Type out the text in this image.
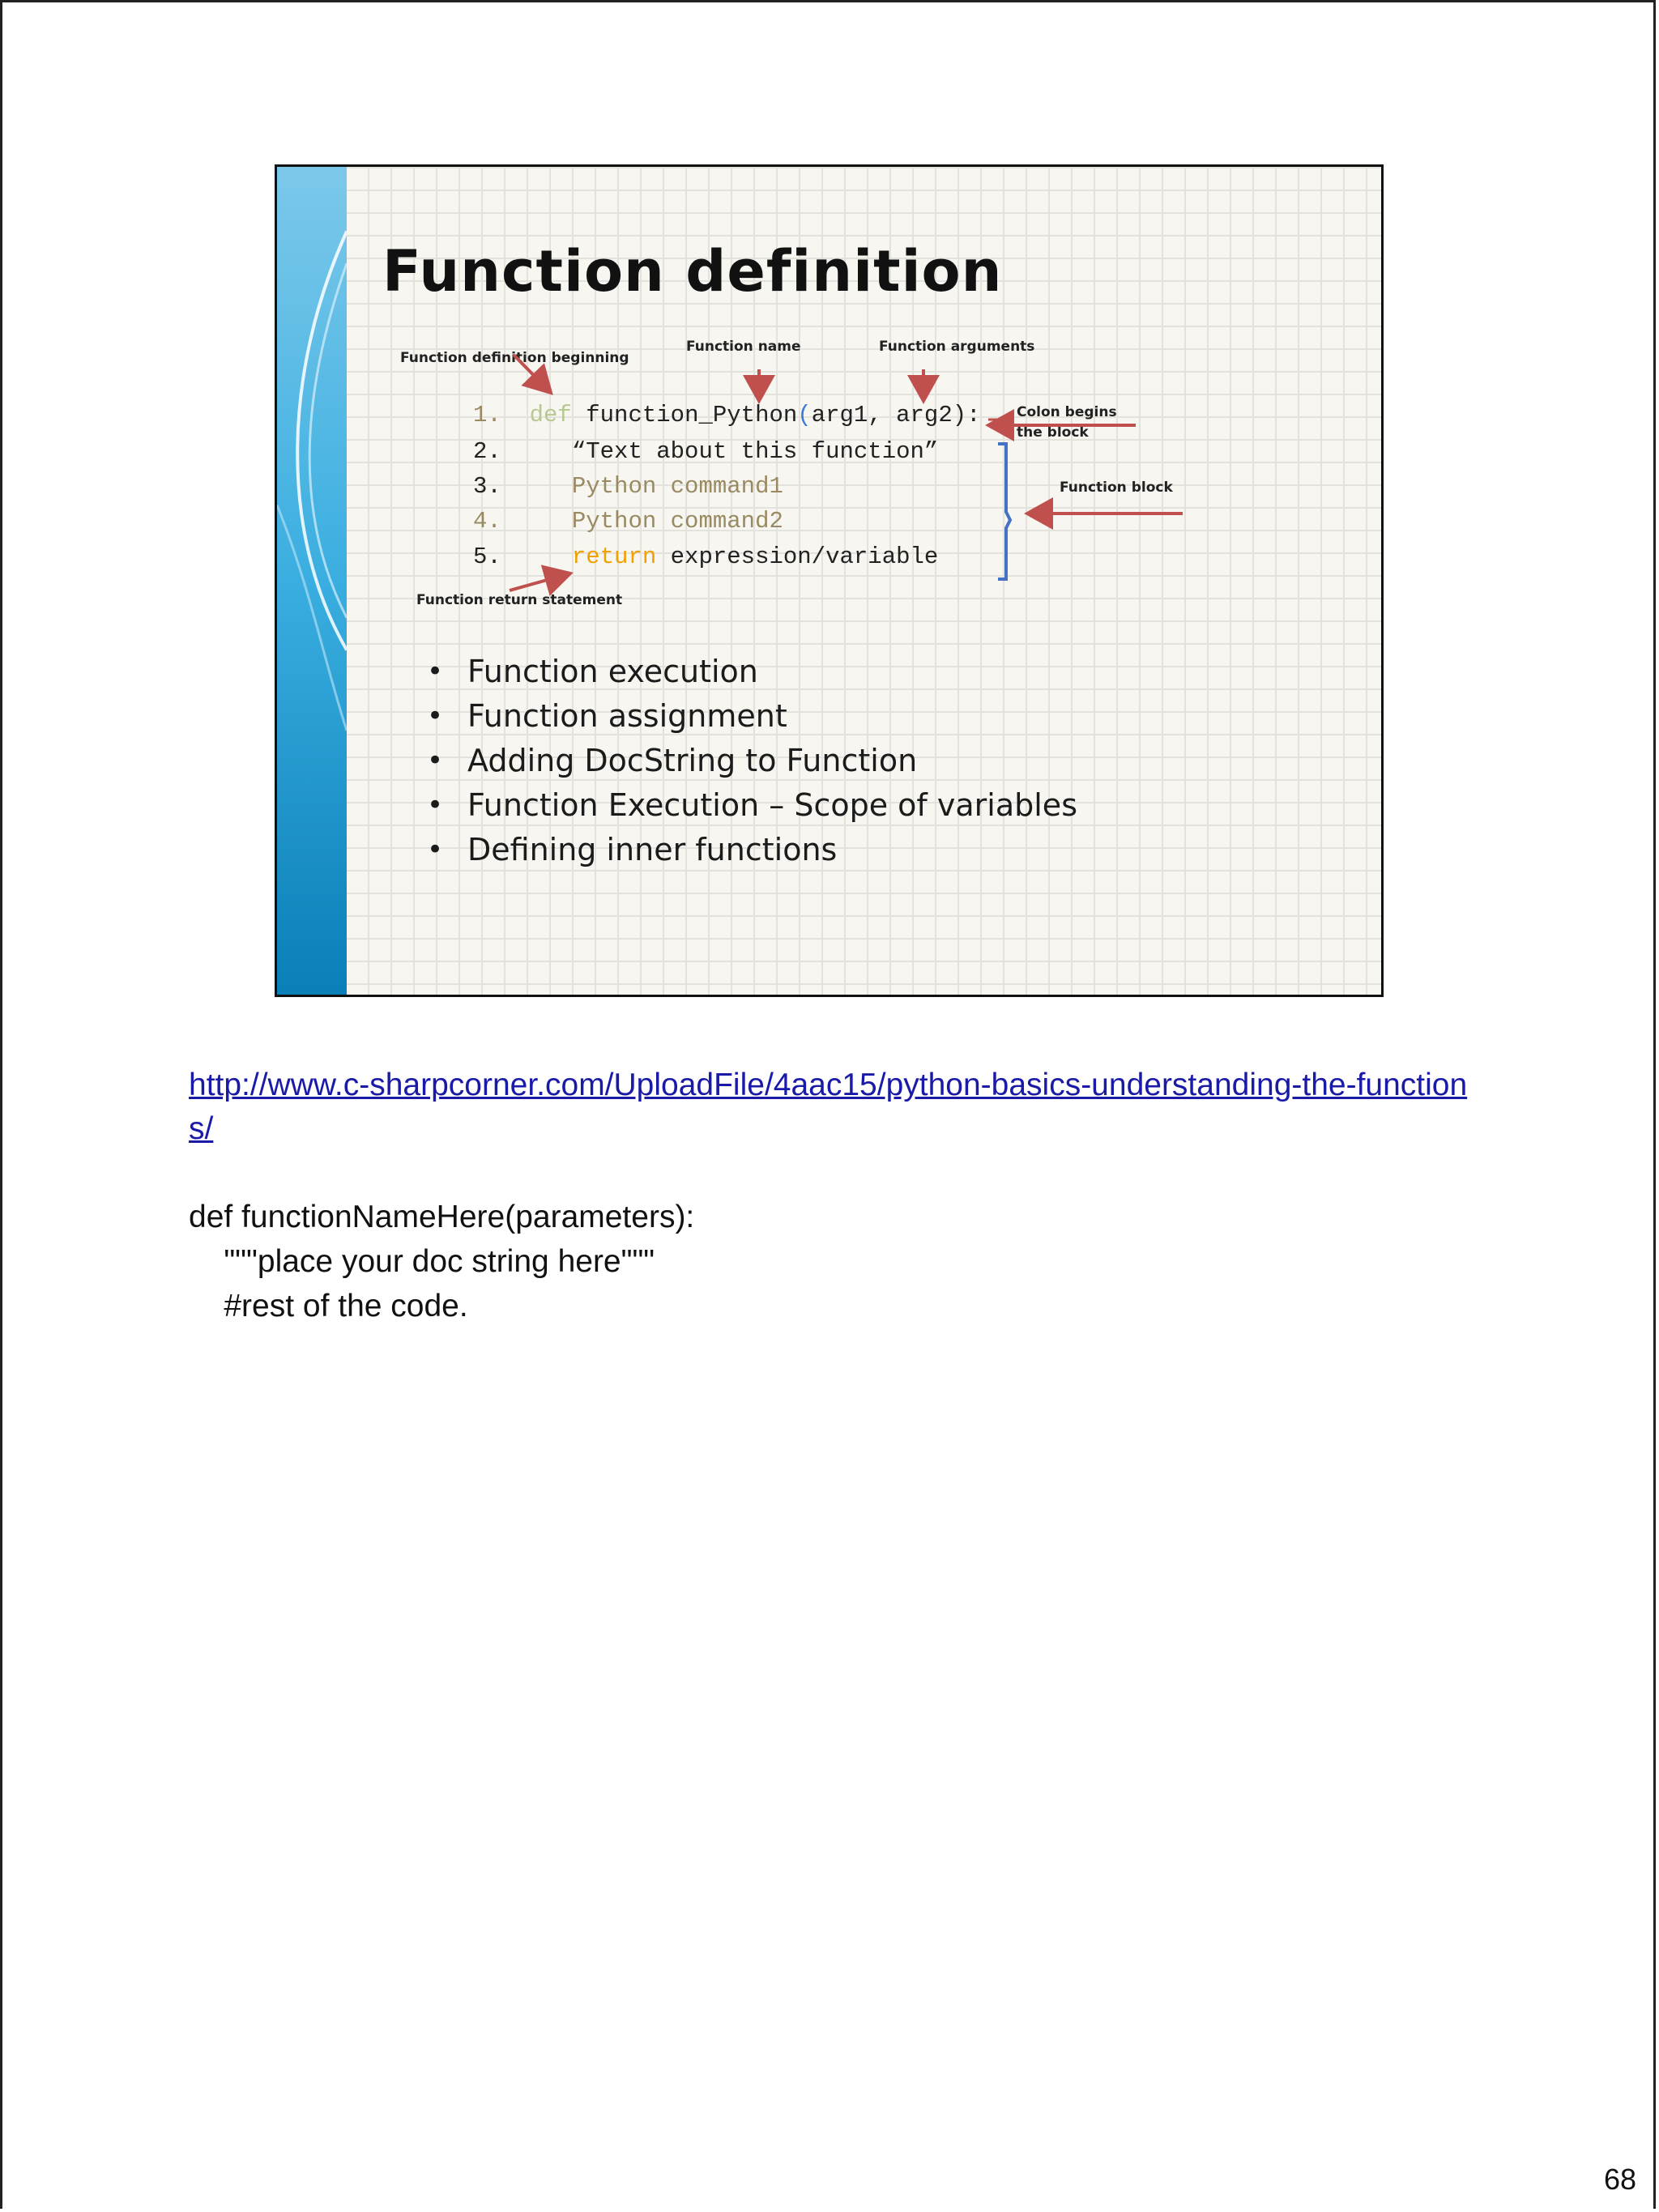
Function definition
Function definition beginning
Function name	Function arguments
Colon begins
the block
Function block
Function return statement
1. def function_Python(arg1, arg2):
2.	“Text about this function”
3.	Python command1
4.	Python command2
5.	return expression/variable
• Function execution
• Function assignment
• Adding DocString to Function
• Function Execution – Scope of variables
• Defining inner functions
http://www.c-sharpcorner.com/UploadFile/4aac15/python-basics-understanding-the-functions/
def functionNameHere(parameters):
"""place your doc string here"""
#rest of the code.
68
